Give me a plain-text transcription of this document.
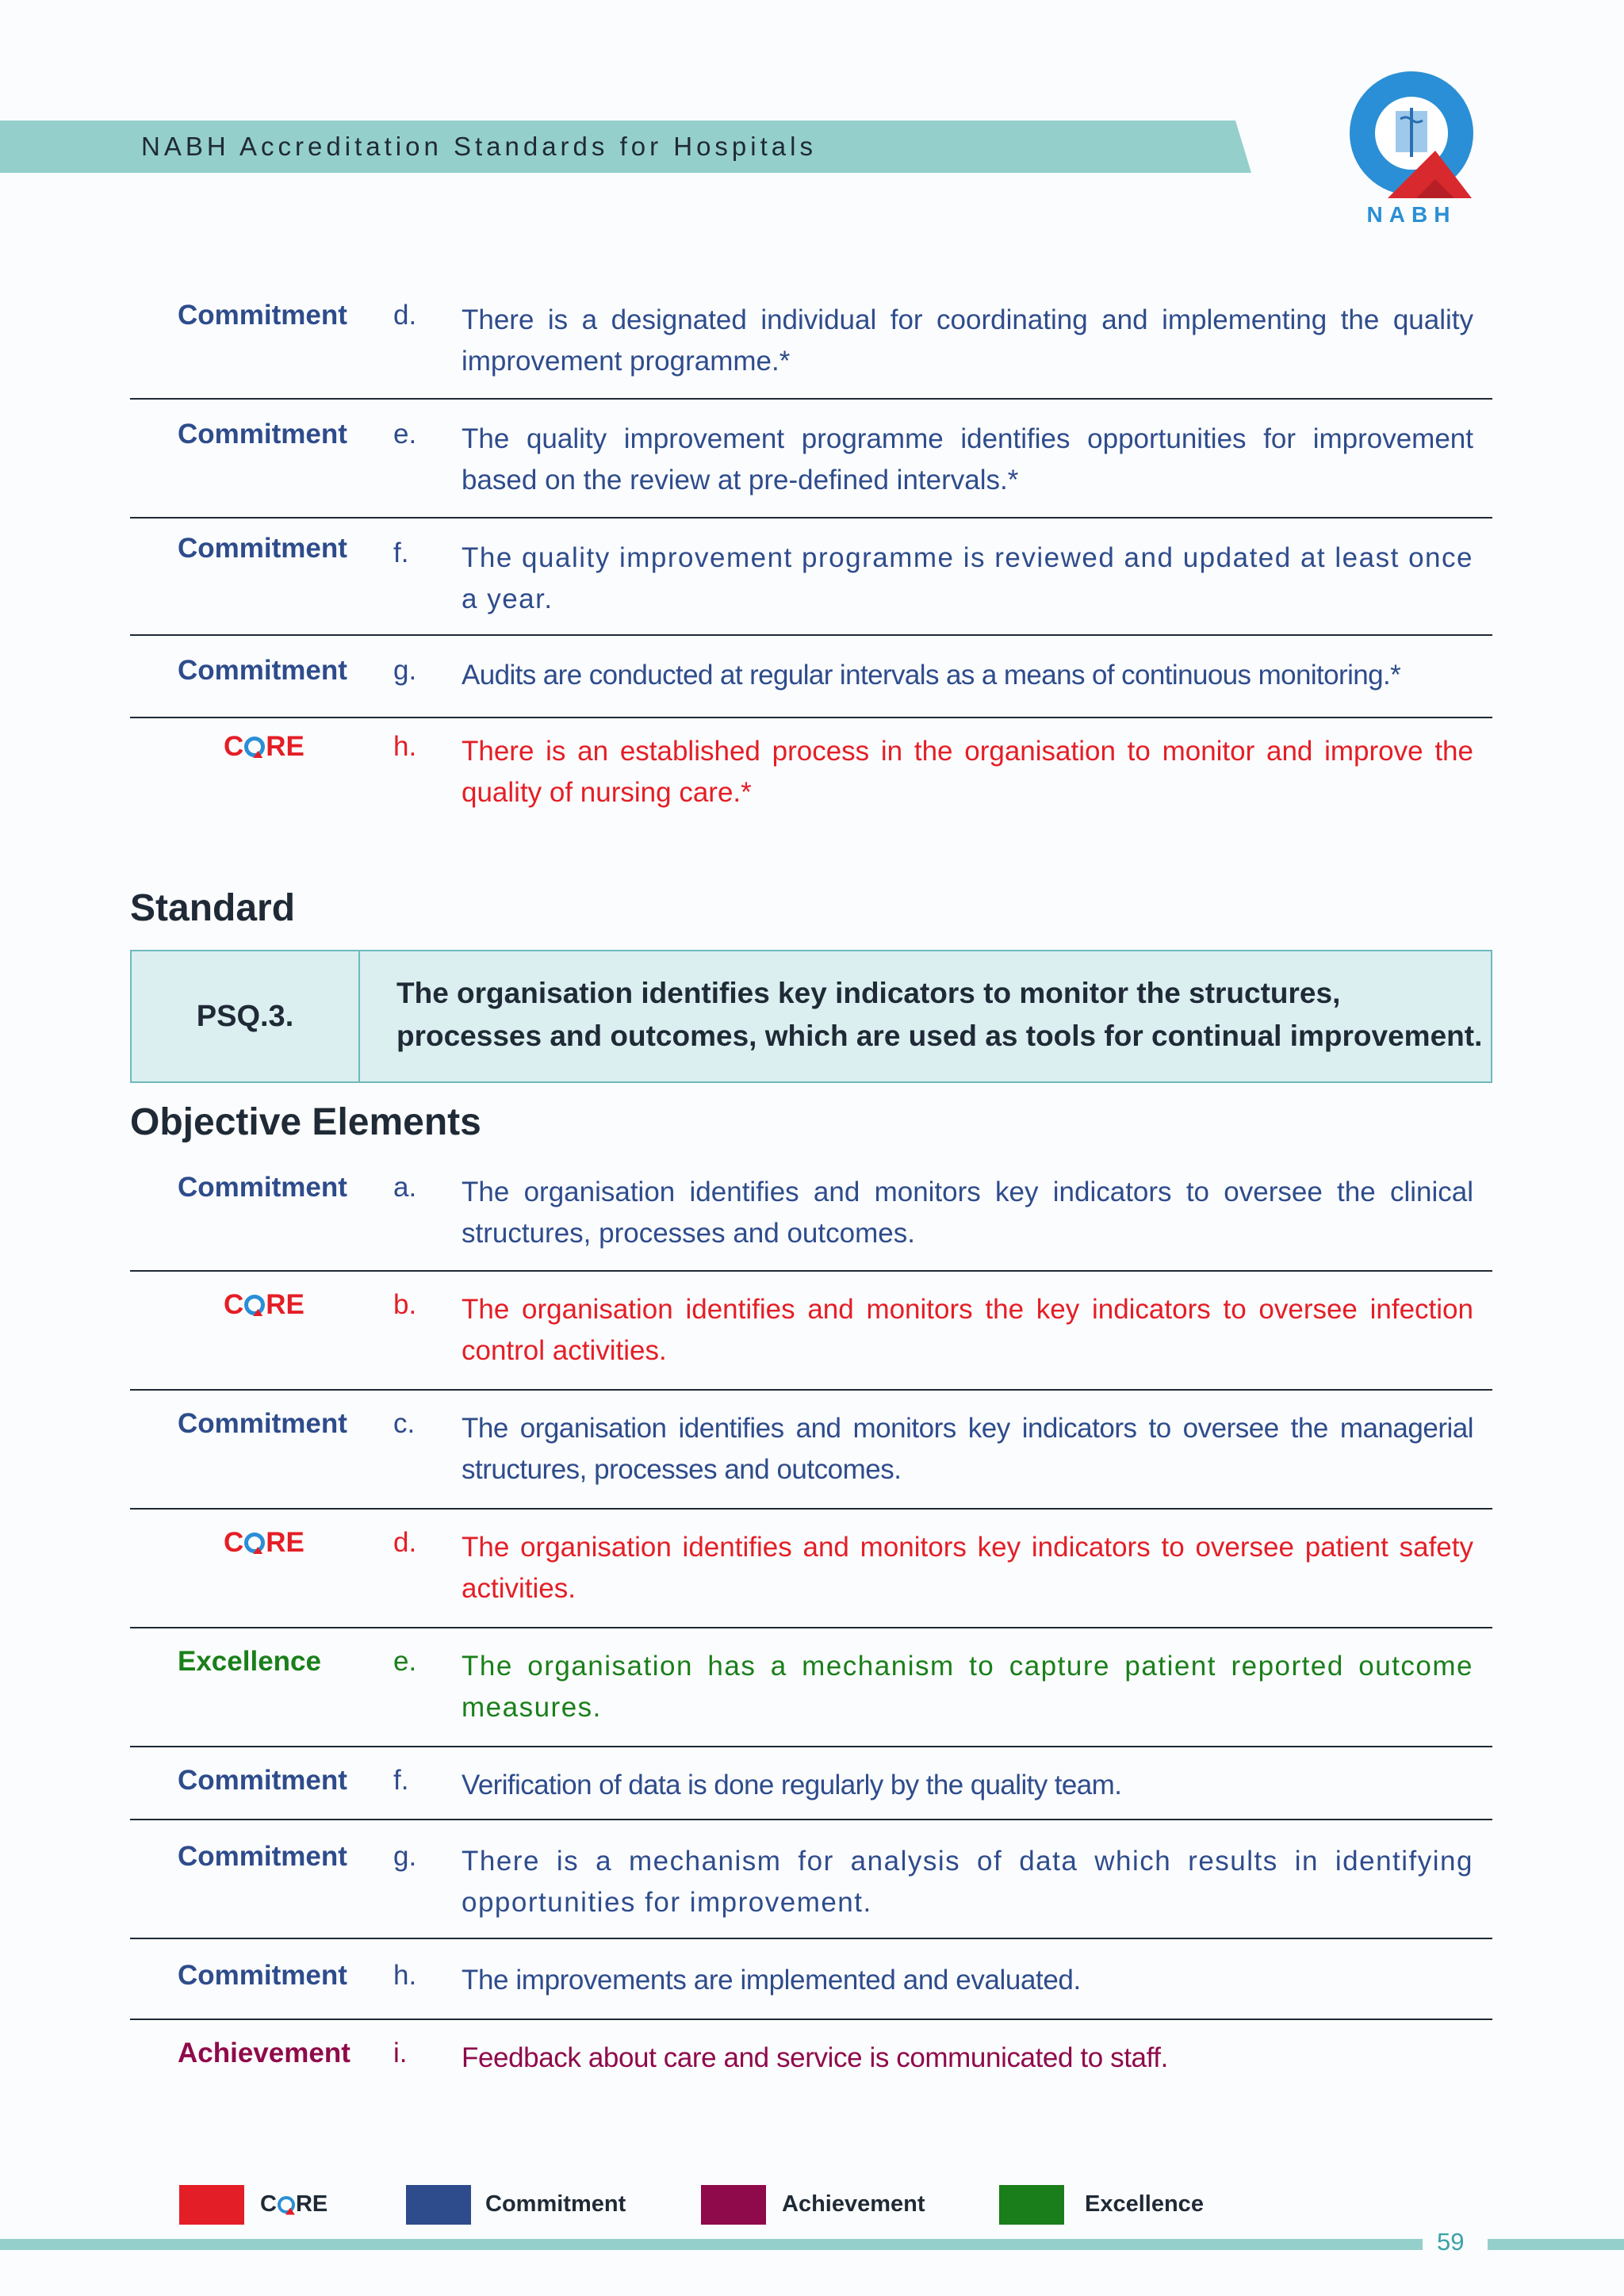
NABH Accreditation Standards for Hospitals
NABH
Commitment d. There is a designated individual for coordinating and implementing the quality improvement programme.*
Commitment e. The quality improvement programme identifies opportunities for improvement based on the review at pre-defined intervals.*
Commitment f. The quality improvement programme is reviewed and updated at least once a year.
Commitment g. Audits are conducted at regular intervals as a means of continuous monitoring.*
C RE	h. There is an established process in the organisation to monitor and improve the quality of nursing care.*
Standard
PSQ.3.
The organisation identifies key indicators to monitor the structures, processes and outcomes, which are used as tools for continual improvement.
Objective Elements
Commitment a. The organisation identifies and monitors key indicators to oversee the clinical structures, processes and outcomes.
C RE	b. The organisation identifies and monitors the key indicators to oversee infection control activities.
Commitment c. The organisation identifies and monitors key indicators to oversee the managerial structures, processes and outcomes.
C RE	d. The organisation identifies and monitors key indicators to oversee patient safety activities.
Excellence	e. The organisation has a mechanism to capture patient reported outcome measures.
Commitment f. Verification of data is done regularly by the quality team.
Commitment g. There is a mechanism for analysis of data which results in identifying opportunities for improvement.
Commitment h. The improvements are implemented and evaluated.
Achievement i. Feedback about care and service is communicated to staff.
C RE	Commitment	Achievement	Excellence
59
